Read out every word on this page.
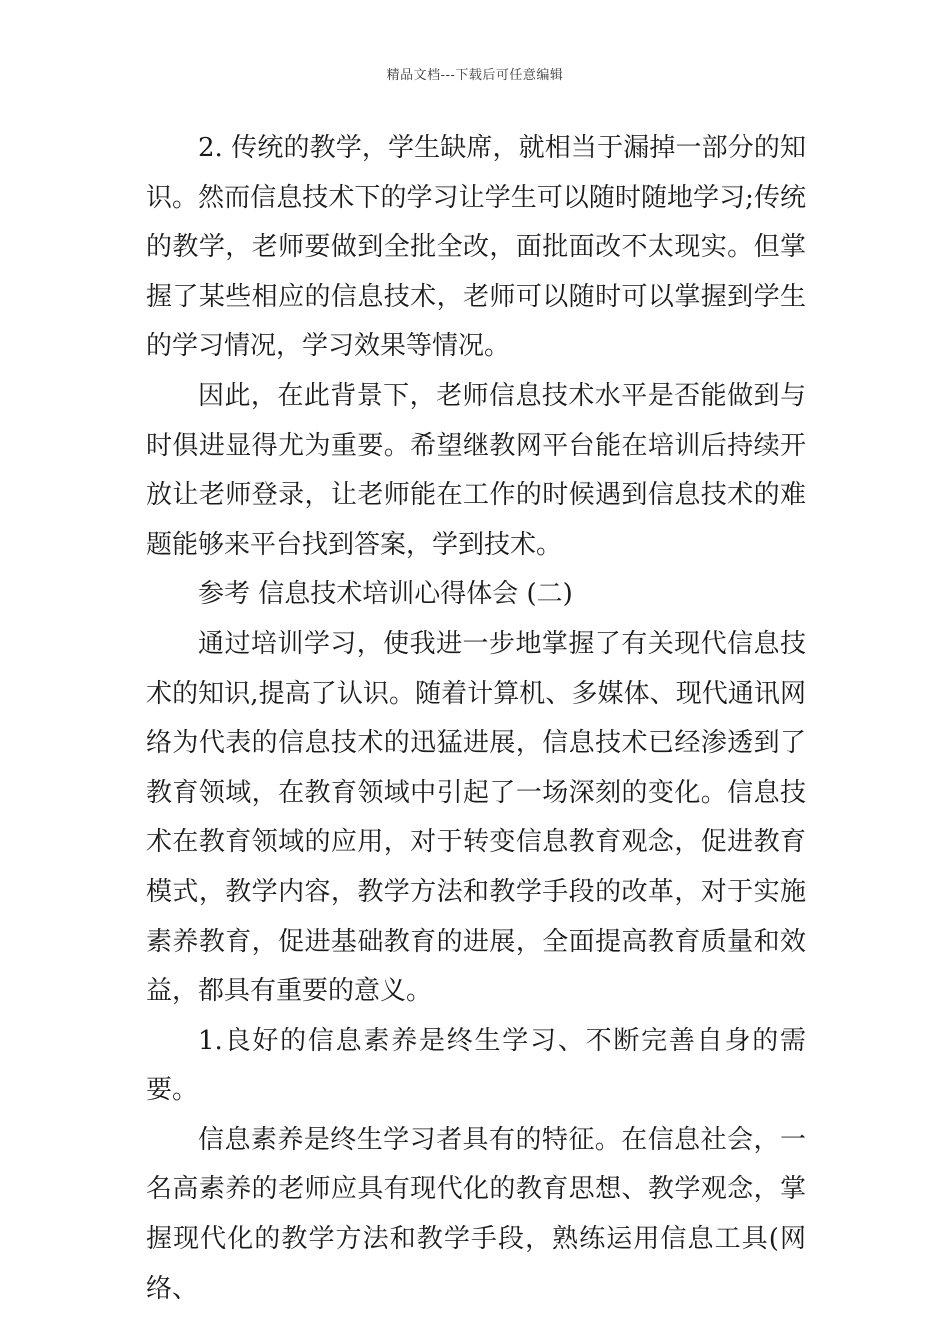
精品文档---下载后可任意编辑

2. 传统的教学，学生缺席，就相当于漏掉一部分的知识。然而信息技术下的学习让学生可以随时随地学习;传统的教学，老师要做到全批全改，面批面改不太现实。但掌握了某些相应的信息技术，老师可以随时可以掌握到学生的学习情况，学习效果等情况。

因此，在此背景下，老师信息技术水平是否能做到与时俱进显得尤为重要。希望继教网平台能在培训后持续开放让老师登录，让老师能在工作的时候遇到信息技术的难题能够来平台找到答案，学到技术。

参考 信息技术培训心得体会 (二)

通过培训学习，使我进一步地掌握了有关现代信息技术的知识,提高了认识。随着计算机、多媒体、现代通讯网络为代表的信息技术的迅猛进展，信息技术已经渗透到了教育领域，在教育领域中引起了一场深刻的变化。信息技术在教育领域的应用，对于转变信息教育观念，促进教育模式，教学内容，教学方法和教学手段的改革，对于实施素养教育，促进基础教育的进展，全面提高教育质量和效益，都具有重要的意义。

1.良好的信息素养是终生学习、不断完善自身的需要。

信息素养是终生学习者具有的特征。在信息社会，一名高素养的老师应具有现代化的教育思想、教学观念，掌握现代化的教学方法和教学手段，熟练运用信息工具(网络、
